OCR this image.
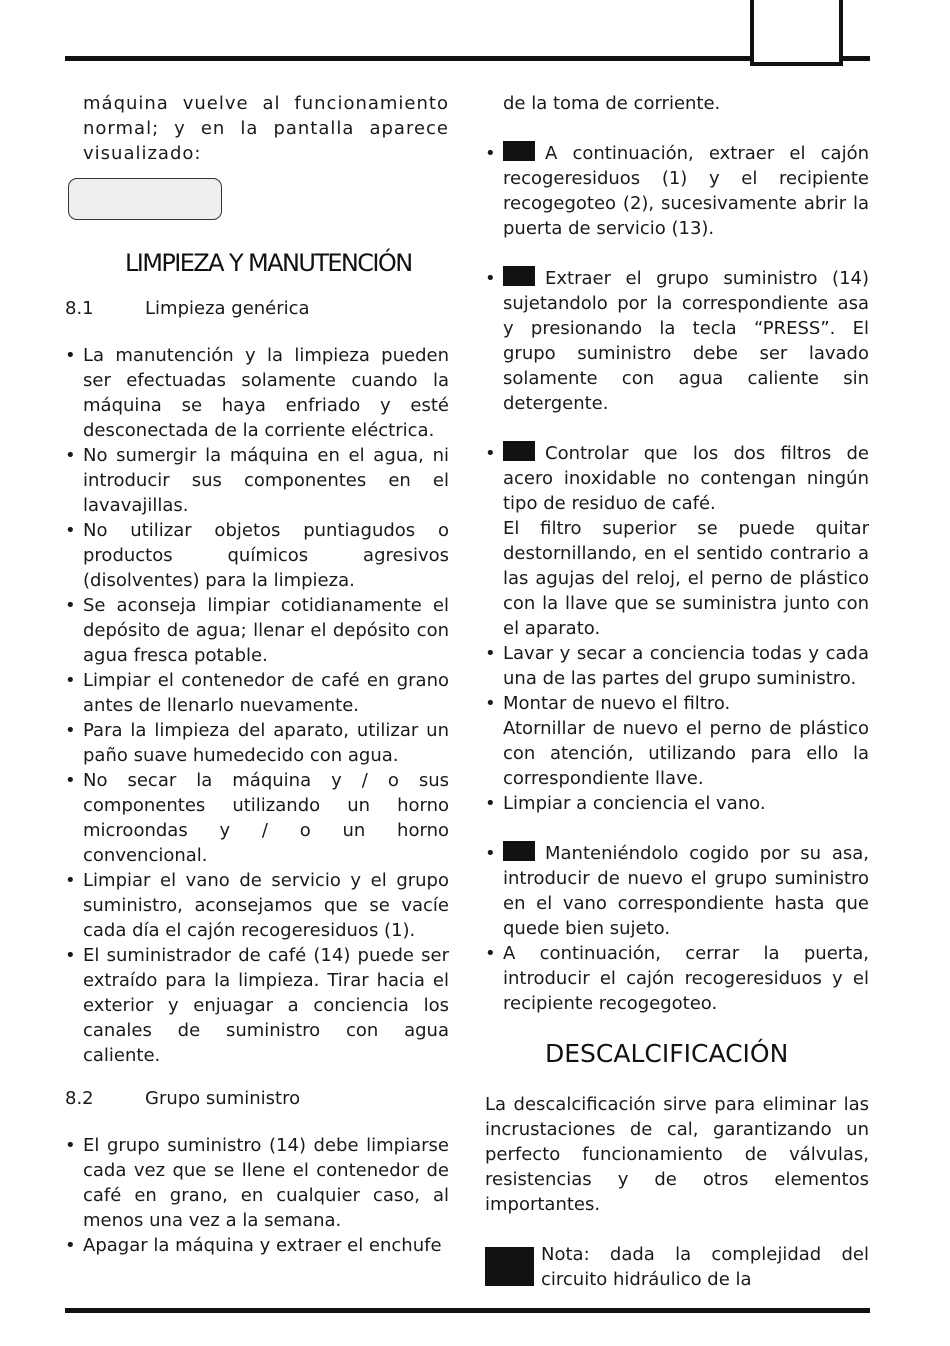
máquina vuelve al funcionamiento normal; y en la pantalla aparece visualizado:

LIMPIEZA Y MANUTENCIÓN
8.1	Limpieza genérica

• La manutención y la limpieza pueden ser efectuadas solamente cuando la máquina se haya enfriado y esté desconectada de la corriente eléctrica.

• No sumergir la máquina en el agua, ni introducir sus componentes en el lavavajillas.

• No utilizar objetos puntiagudos o productos químicos agresivos (disolventes) para la limpieza.

• Se aconseja limpiar cotidianamente el depósito de agua; llenar el depósito con agua fresca potable.

• Limpiar el contenedor de café en grano antes de llenarlo nuevamente.

• Para la limpieza del aparato, utilizar un paño suave humedecido con agua.

• No secar la máquina y / o sus componentes utilizando un horno microondas y / o un horno convencional.

• Limpiar el vano de servicio y el grupo suministro, aconsejamos que se vacíe cada día el cajón recogeresiduos (1).

• El suministrador de café (14) puede ser extraído para la limpieza. Tirar hacia el exterior y enjuagar a conciencia los canales de suministro con agua caliente.

8.2	Grupo suministro

• El grupo suministro (14) debe limpiarse cada vez que se llene el contenedor de café en grano, en cualquier caso, al menos una vez a la semana.

• Apagar la máquina y extraer el enchufe

de la toma de corriente.

• A continuación, extraer el cajón recogeresiduos (1) y el recipiente recogegoteo (2), sucesivamente abrir la puerta de servicio (13).

• Extraer el grupo suministro (14) sujetandolo por la correspondiente asa y presionando la tecla “PRESS”. El grupo suministro debe ser lavado solamente con agua caliente sin detergente.

• Controlar que los dos filtros de acero inoxidable no contengan ningún tipo de residuo de café.

El filtro superior se puede quitar destornillando, en el sentido contrario a las agujas del reloj, el perno de plástico con la llave que se suministra junto con el aparato.

• Lavar y secar a conciencia todas y cada una de las partes del grupo suministro.

• Montar de nuevo el filtro.

Atornillar de nuevo el perno de plástico con atención, utilizando para ello la correspondiente llave.

• Limpiar a conciencia el vano.

• Manteniéndolo cogido por su asa, introducir de nuevo el grupo suministro en el vano correspondiente hasta que quede bien sujeto.

• A continuación, cerrar la puerta, introducir el cajón recogeresiduos y el recipiente recogegoteo.

DESCALCIFICACIÓN

La descalcificación sirve para eliminar las incrustaciones de cal, garantizando un perfecto funcionamiento de válvulas, resistencias y de otros elementos importantes.

Nota: dada la complejidad del circuito hidráulico de la
